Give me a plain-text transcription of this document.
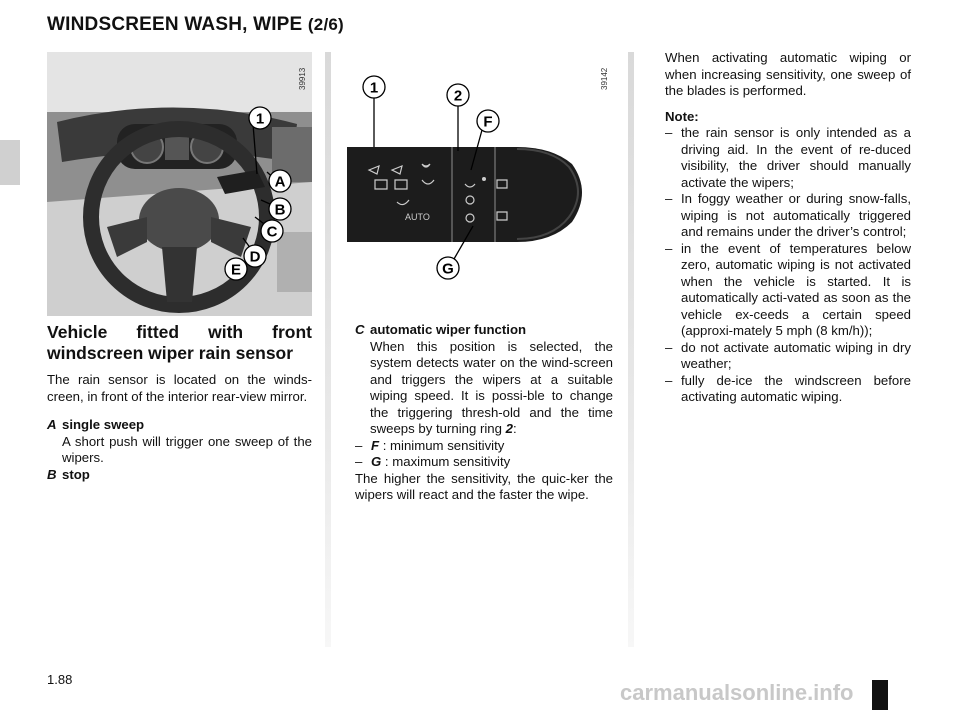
WINDSCREEN WASH, WIPE (2/6)
1
A
B
C
D
E
39913
AUTO
1	2
F
G
39142
Vehicle fitted with front windscreen wiper rain sensor

The rain sensor is located on the winds-creen, in front of the interior rear-view mirror.

A single sweep
A short push will trigger one sweep of the wipers.
B stop
C automatic wiper function
When this position is selected, the system detects water on the wind-screen and triggers the wipers at a suitable wiping speed. It is possi-ble to change the triggering thresh-old and the time sweeps by turning ring 2:
– F : minimum sensitivity
– G : maximum sensitivity

The higher the sensitivity, the quic-ker the wipers will react and the faster the wipe.

When activating automatic wiping or when increasing sensitivity, one sweep of the blades is performed.

Note:

– the rain sensor is only intended as a driving aid. In the event of re-duced visibility, the driver should manually activate the wipers;
– In foggy weather or during snow-falls, wiping is not automatically triggered and remains under the driver’s control;
– in the event of temperatures below zero, automatic wiping is not activated when the vehicle is started. It is automatically acti-vated as soon as the vehicle ex-ceeds a certain speed (approxi-mately 5 mph (8 km/h));
– do not activate automatic wiping in dry weather;
– fully de-ice the windscreen before activating automatic wiping.
1.88
carmanualsonline.info
